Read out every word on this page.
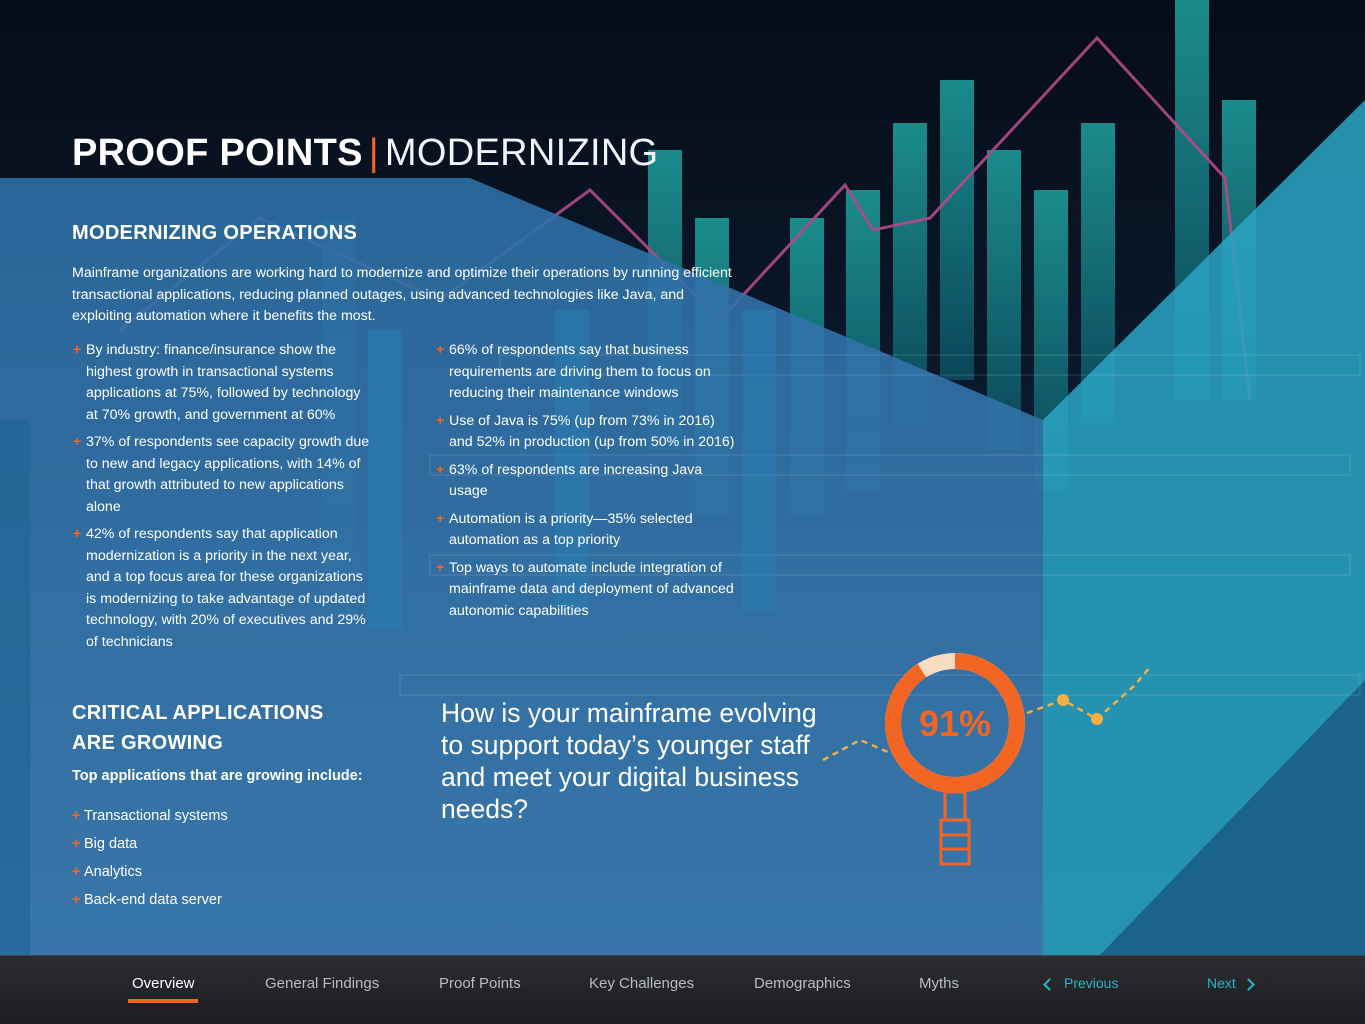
PROOF POINTS | MODERNIZING
MODERNIZING OPERATIONS
Mainframe organizations are working hard to modernize and optimize their operations by running efficient transactional applications, reducing planned outages, using advanced technologies like Java, and exploiting automation where it benefits the most.
+ By industry: finance/insurance show the highest growth in transactional systems applications at 75%, followed by technology at 70% growth, and government at 60%
+ 37% of respondents see capacity growth due to new and legacy applications, with 14% of that growth attributed to new applications alone
+ 42% of respondents say that application modernization is a priority in the next year, and a top focus area for these organizations is modernizing to take advantage of updated technology, with 20% of executives and 29% of technicians
+ 66% of respondents say that business requirements are driving them to focus on reducing their maintenance windows
+ Use of Java is 75% (up from 73% in 2016) and 52% in production (up from 50% in 2016)
+ 63% of respondents are increasing Java usage
+ Automation is a priority—35% selected automation as a top priority
+ Top ways to automate include integration of mainframe data and deployment of advanced autonomic capabilities
CRITICAL APPLICATIONS
ARE GROWING
Top applications that are growing include:
+ Transactional systems
+ Big data
+ Analytics
+ Back-end data server
How is your mainframe evolving to support today’s younger staff and meet your digital business needs?
91%
Overview	General Findings	Proof Points	Key Challenges	Demographics	Myths	Previous	Next
